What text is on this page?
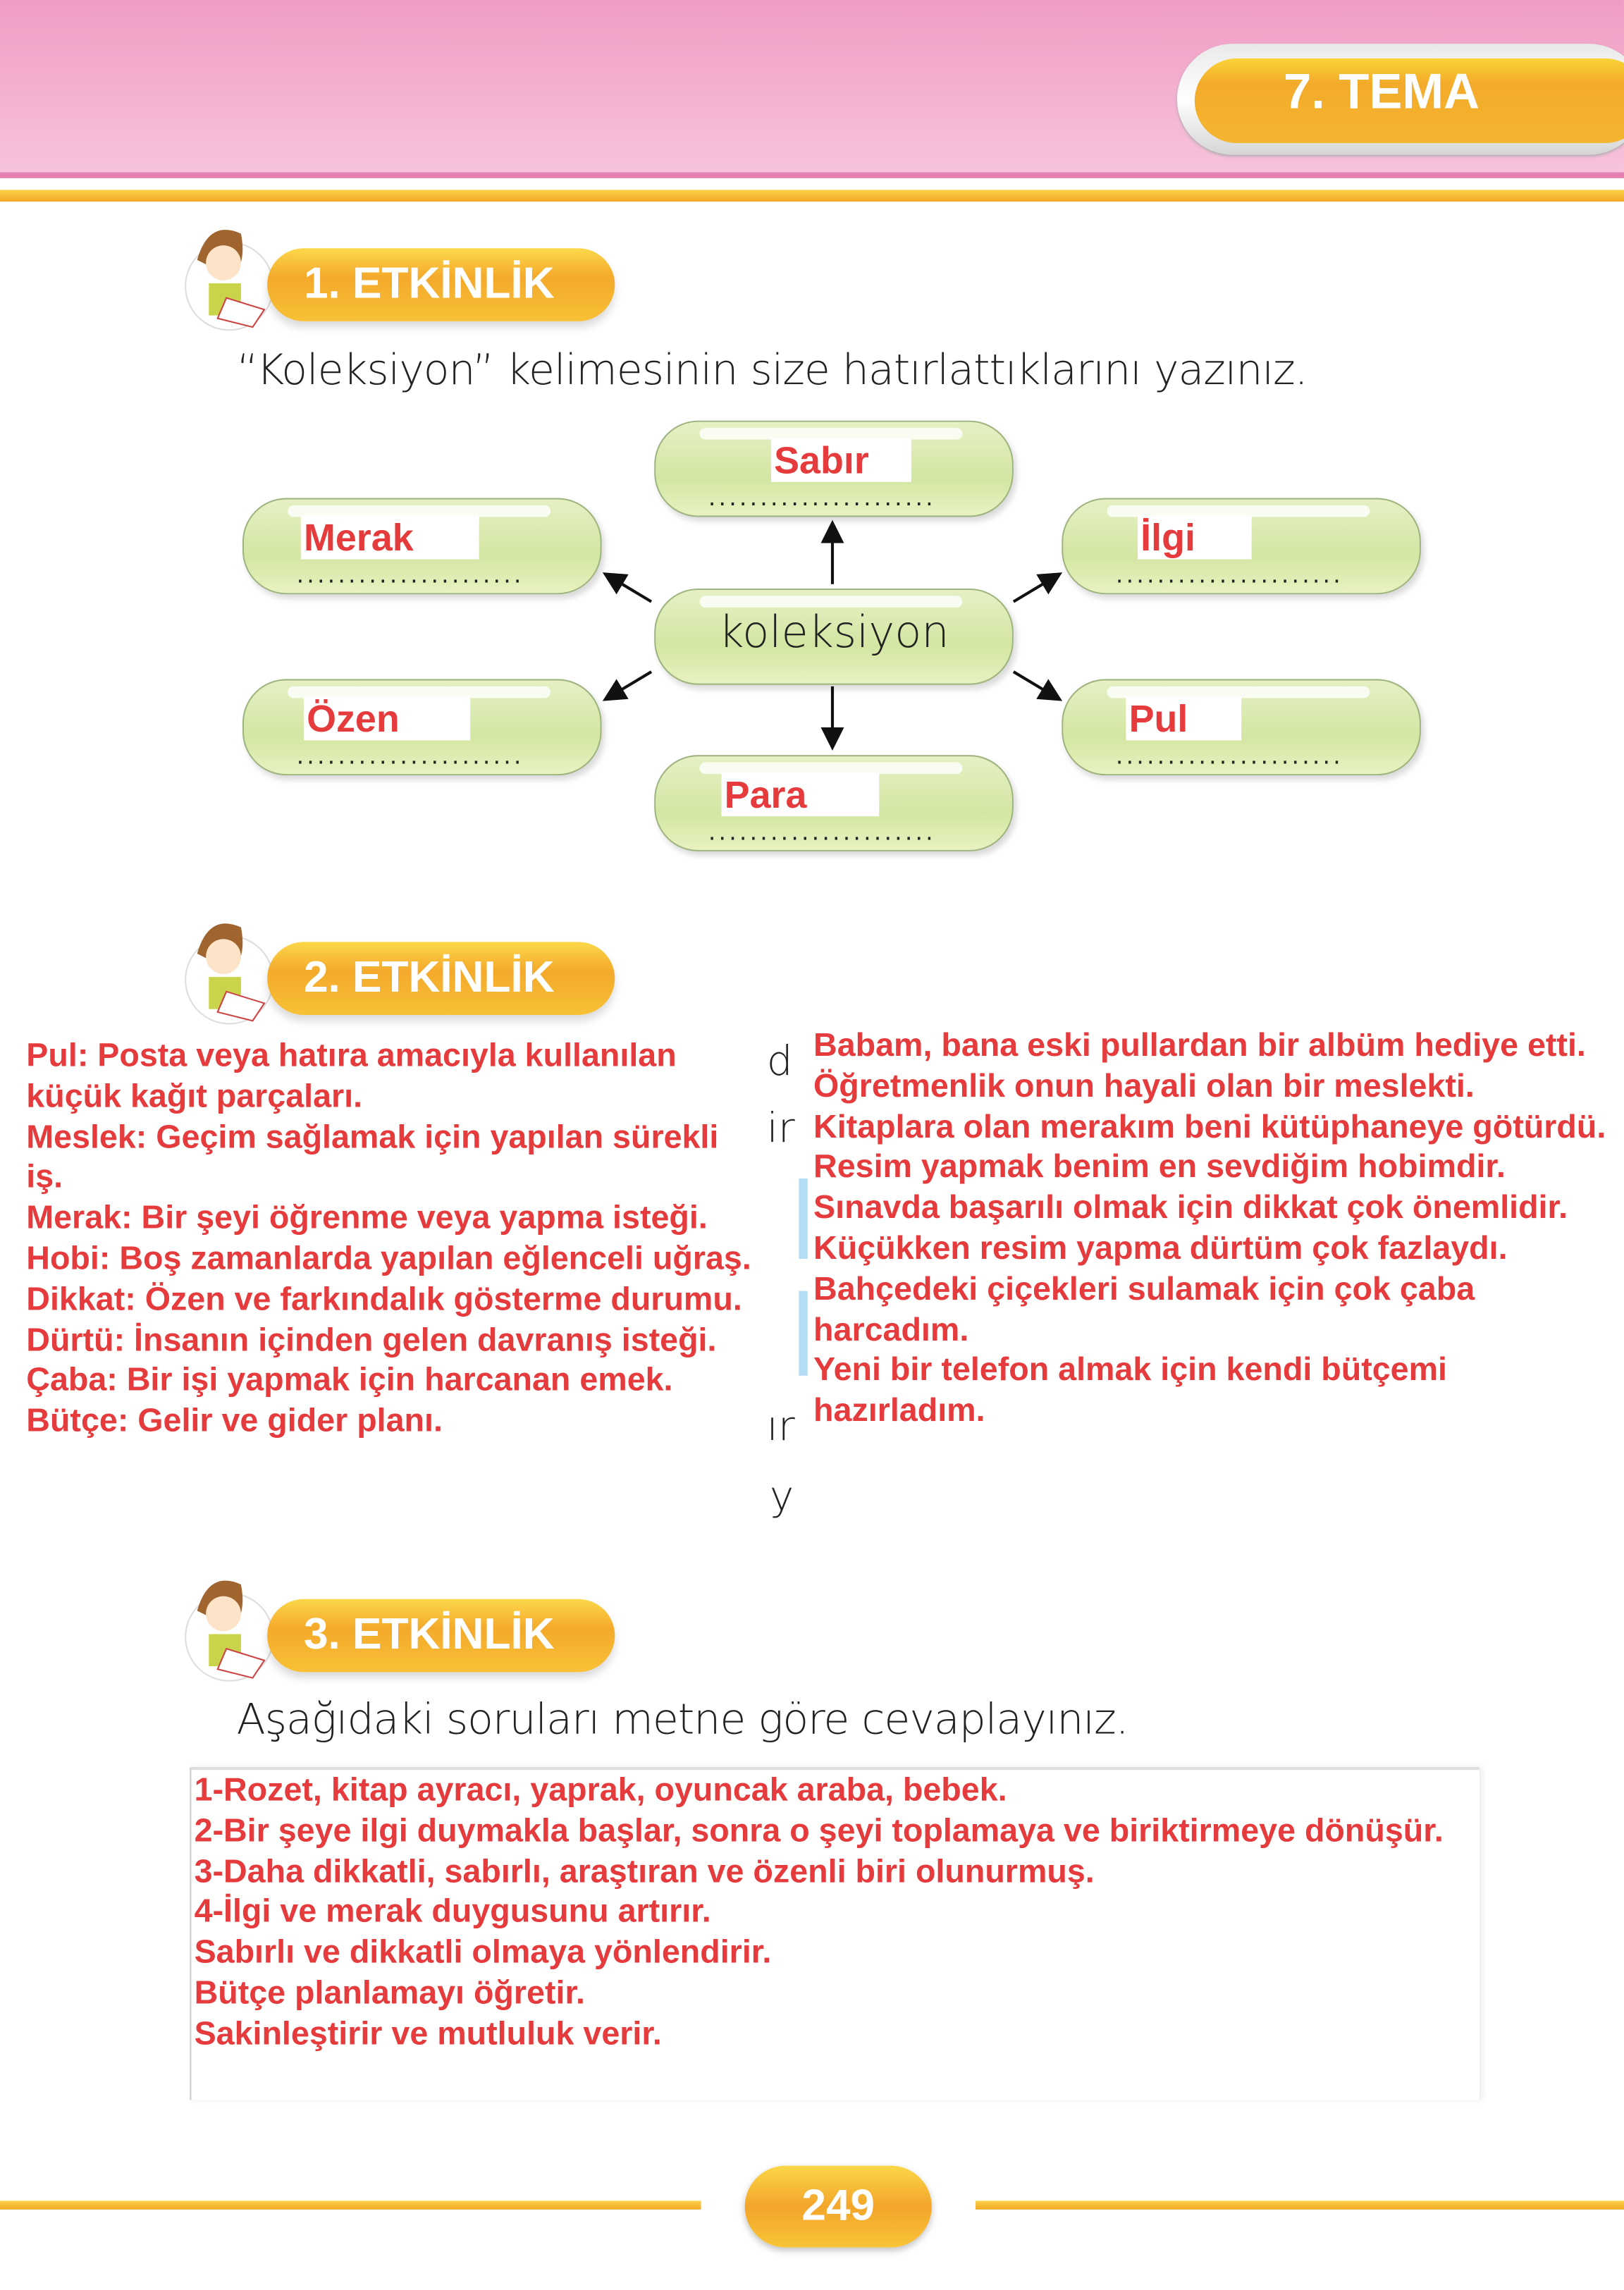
7. TEMA
1. ETKİNLİK
“Koleksiyon” kelimesinin size hatırlattıklarını yazınız.
......................
......................	......................
koleksiyon
......................	......................
......................
Sabır
Merak	İlgi
Özen	Pul
Para
2. ETKİNLİK
Pul: Posta veya hatıra amacıyla kullanılan küçük kağıt parçaları.
Meslek: Geçim sağlamak için yapılan sürekli iş.
Merak: Bir şeyi öğrenme veya yapma isteği.
Hobi: Boş zamanlarda yapılan eğlenceli uğraş.
Dikkat: Özen ve farkındalık gösterme durumu.
Dürtü: İnsanın içinden gelen davranış isteği.
Çaba: Bir işi yapmak için harcanan emek.
Bütçe: Gelir ve gider planı.
d
ir
ır
y
Babam, bana eski pullardan bir albüm hediye etti.
Öğretmenlik onun hayali olan bir meslekti.
Kitaplara olan merakım beni kütüphaneye götürdü.
Resim yapmak benim en sevdiğim hobimdir.
Sınavda başarılı olmak için dikkat çok önemlidir.
Küçükken resim yapma dürtüm çok fazlaydı.
Bahçedeki çiçekleri sulamak için çok çaba harcadım.
Yeni bir telefon almak için kendi bütçemi hazırladım.
3. ETKİNLİK
Aşağıdaki soruları metne göre cevaplayınız.
1-Rozet, kitap ayracı, yaprak, oyuncak araba, bebek.
2-Bir şeye ilgi duymakla başlar, sonra o şeyi toplamaya ve biriktirmeye dönüşür.
3-Daha dikkatli, sabırlı, araştıran ve özenli biri olunurmuş.
4-İlgi ve merak duygusunu artırır.
Sabırlı ve dikkatli olmaya yönlendirir.
Bütçe planlamayı öğretir.
Sakinleştirir ve mutluluk verir.
249
